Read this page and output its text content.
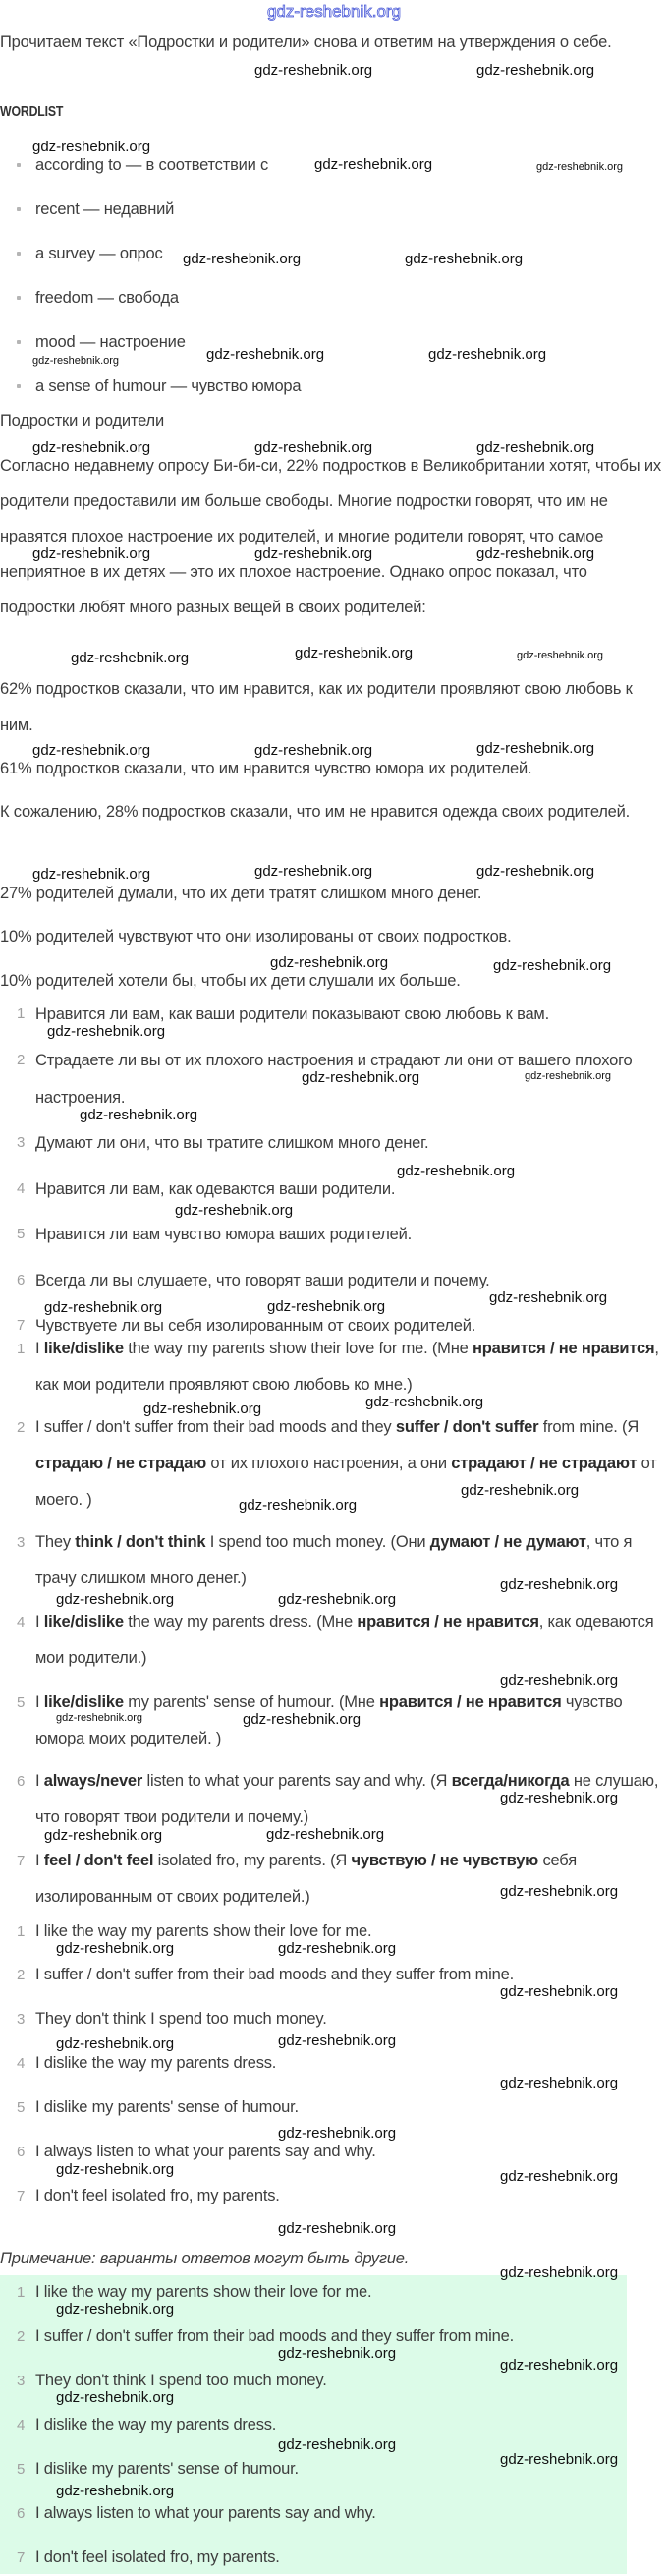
gdz-reshebnik.org
Прочитаем текст «Подростки и родители» снова и ответим на утверждения о себе.
WORDLIST
according to — в соответствии с
recent — недавний
a survey — опрос
freedom — свобода
mood — настроение
a sense of humour — чувство юмора
Подростки и родители
Согласно недавнему опросу Би-би-си, 22% подростков в Великобритании хотят, чтобы их родители предоставили им больше свободы. Многие подростки говорят, что им не нравятся плохое настроение их родителей, и многие родители говорят, что самое неприятное в их детях — это их плохое настроение. Однако опрос показал, что подростки любят много разных вещей в своих родителей:
62% подростков сказали, что им нравится, как их родители проявляют свою любовь к ним.
61% подростков сказали, что им нравится чувство юмора их родителей.
К сожалению, 28% подростков сказали, что им не нравится одежда своих родителей.
27% родителей думали, что их дети тратят слишком много денег.
10% родителей чувствуют что они изолированы от своих подростков.
10% родителей хотели бы, чтобы их дети слушали их больше.
1 Нравится ли вам, как ваши родители показывают свою любовь к вам.
2 Страдаете ли вы от их плохого настроения и страдают ли они от вашего плохого настроения.
3 Думают ли они, что вы тратите слишком много денег.
4 Нравится ли вам, как одеваются ваши родители.
5 Нравится ли вам чувство юмора ваших родителей.
6 Всегда ли вы слушаете, что говорят ваши родители и почему.
7 Чувствуете ли вы себя изолированным от своих родителей.
1 I like/dislike the way my parents show their love for me. (Мне нравится / не нравится, как мои родители проявляют свою любовь ко мне.)
2 I suffer / don't suffer from their bad moods and they suffer / don't suffer from mine. (Я страдаю / не страдаю от их плохого настроения, а они страдают / не страдают от моего. )
3 They think / don't think I spend too much money. (Они думают / не думают, что я трачу слишком много денег.)
4 I like/dislike the way my parents dress. (Мне нравится / не нравится, как одеваются мои родители.)
5 I like/dislike my parents' sense of humour. (Мне нравится / не нравится чувство юмора моих родителей. )
6 I always/never listen to what your parents say and why. (Я всегда/никогда не слушаю, что говорят твои родители и почему.)
7 I feel / don't feel isolated fro, my parents. (Я чувствую / не чувствую себя изолированным от своих родителей.)
1 I like the way my parents show their love for me.
2 I suffer / don't suffer from their bad moods and they suffer from mine.
3 They don't think I spend too much money.
4 I dislike the way my parents dress.
5 I dislike my parents' sense of humour.
6 I always listen to what your parents say and why.
7 I don't feel isolated fro, my parents.
Примечание: варианты ответов могут быть другие.
1 I like the way my parents show their love for me.
2 I suffer / don't suffer from their bad moods and they suffer from mine.
3 They don't think I spend too much money.
4 I dislike the way my parents dress.
5 I dislike my parents' sense of humour.
6 I always listen to what your parents say and why.
7 I don't feel isolated fro, my parents.
gdz-reshebnik.org	gdz-reshebnik.org
gdz-reshebnik.org
gdz-reshebnik.org	gdz-reshebnik.org
gdz-reshebnik.org	gdz-reshebnik.org
gdz-reshebnik.org	gdz-reshebnik.org	gdz-reshebnik.org
gdz-reshebnik.org	gdz-reshebnik.org	gdz-reshebnik.org
gdz-reshebnik.org	gdz-reshebnik.org	gdz-reshebnik.org
gdz-reshebnik.org	gdz-reshebnik.org	gdz-reshebnik.org
gdz-reshebnik.org	gdz-reshebnik.org	gdz-reshebnik.org
gdz-reshebnik.org	gdz-reshebnik.org	gdz-reshebnik.org
gdz-reshebnik.org	gdz-reshebnik.org
gdz-reshebnik.org
gdz-reshebnik.org	gdz-reshebnik.org
gdz-reshebnik.org
gdz-reshebnik.org
gdz-reshebnik.org
gdz-reshebnik.org
gdz-reshebnik.org	gdz-reshebnik.org
gdz-reshebnik.org
gdz-reshebnik.org
gdz-reshebnik.org
gdz-reshebnik.org
gdz-reshebnik.org
gdz-reshebnik.org	gdz-reshebnik.org
gdz-reshebnik.org
gdz-reshebnik.org	gdz-reshebnik.org
gdz-reshebnik.org
gdz-reshebnik.org	gdz-reshebnik.org
gdz-reshebnik.org
gdz-reshebnik.org	gdz-reshebnik.org
gdz-reshebnik.org
gdz-reshebnik.org	gdz-reshebnik.org
gdz-reshebnik.org
gdz-reshebnik.org
gdz-reshebnik.org	gdz-reshebnik.org
gdz-reshebnik.org
gdz-reshebnik.org
gdz-reshebnik.org
gdz-reshebnik.org
gdz-reshebnik.org
gdz-reshebnik.org
gdz-reshebnik.org
gdz-reshebnik.org
gdz-reshebnik.org
